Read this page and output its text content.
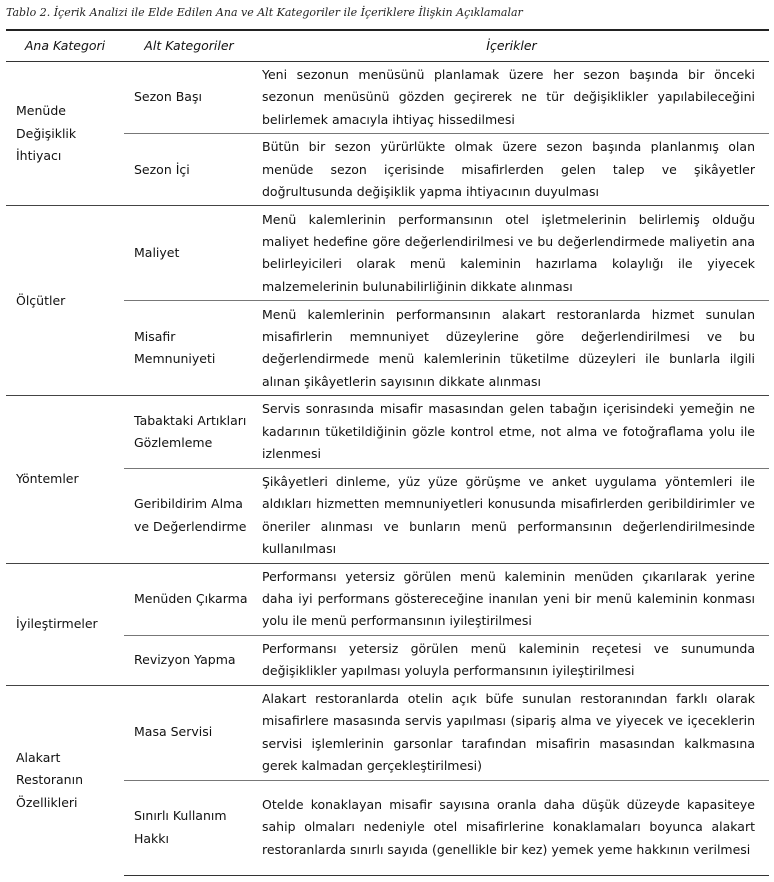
Tablo 2. İçerik Analizi ile Elde Edilen Ana ve Alt Kategoriler ile İçeriklere İlişkin Açıklamalar
Ana Kategori	Alt Kategoriler	İçerikler
Menüde Değişiklik İhtiyacı	Sezon Başı	Yeni sezonun menüsünü planlamak üzere her sezon başında bir önceki sezonun menüsünü gözden geçirerek ne tür değişiklikler yapılabileceğini belirlemek amacıyla ihtiyaç hissedilmesi
	Sezon İçi	Bütün bir sezon yürürlükte olmak üzere sezon başında planlanmış olan menüde sezon içerisinde misafirlerden gelen talep ve şikâyetler doğrultusunda değişiklik yapma ihtiyacının duyulması
Ölçütler	Maliyet	Menü kalemlerinin performansının otel işletmelerinin belirlemiş olduğu maliyet hedefine göre değerlendirilmesi ve bu değerlendirmede maliyetin ana belirleyicileri olarak menü kaleminin hazırlama kolaylığı ile yiyecek malzemelerinin bulunabilirliğinin dikkate alınması
	Misafir Memnuniyeti	Menü kalemlerinin performansının alakart restoranlarda hizmet sunulan misafirlerin memnuniyet düzeylerine göre değerlendirilmesi ve bu değerlendirmede menü kalemlerinin tüketilme düzeyleri ile bunlarla ilgili alınan şikâyetlerin sayısının dikkate alınması
Yöntemler	Tabaktaki Artıkları Gözlemleme	Servis sonrasında misafir masasından gelen tabağın içerisindeki yemeğin ne kadarının tüketildiğinin gözle kontrol etme, not alma ve fotoğraflama yolu ile izlenmesi
	Geribildirim Alma ve Değerlendirme	Şikâyetleri dinleme, yüz yüze görüşme ve anket uygulama yöntemleri ile aldıkları hizmetten memnuniyetleri konusunda misafirlerden geribildirimler ve öneriler alınması ve bunların menü performansının değerlendirilmesinde kullanılması
İyileştirmeler	Menüden Çıkarma	Performansı yetersiz görülen menü kaleminin menüden çıkarılarak yerine daha iyi performans göstereceğine inanılan yeni bir menü kaleminin konması yolu ile menü performansının iyileştirilmesi
	Revizyon Yapma	Performansı yetersiz görülen menü kaleminin reçetesi ve sunumunda değişiklikler yapılması yoluyla performansının iyileştirilmesi
Alakart Restoranın Özellikleri	Masa Servisi	Alakart restoranlarda otelin açık büfe sunulan restoranından farklı olarak misafirlere masasında servis yapılması (sipariş alma ve yiyecek ve içeceklerin servisi işlemlerinin garsonlar tarafından misafirin masasından kalkmasına gerek kalmadan gerçekleştirilmesi)
	Sınırlı Kullanım Hakkı	Otelde konaklayan misafir sayısına oranla daha düşük düzeyde kapasiteye sahip olmaları nedeniyle otel misafirlerine konaklamaları boyunca alakart restoranlarda sınırlı sayıda (genellikle bir kez) yemek yeme hakkının verilmesi
